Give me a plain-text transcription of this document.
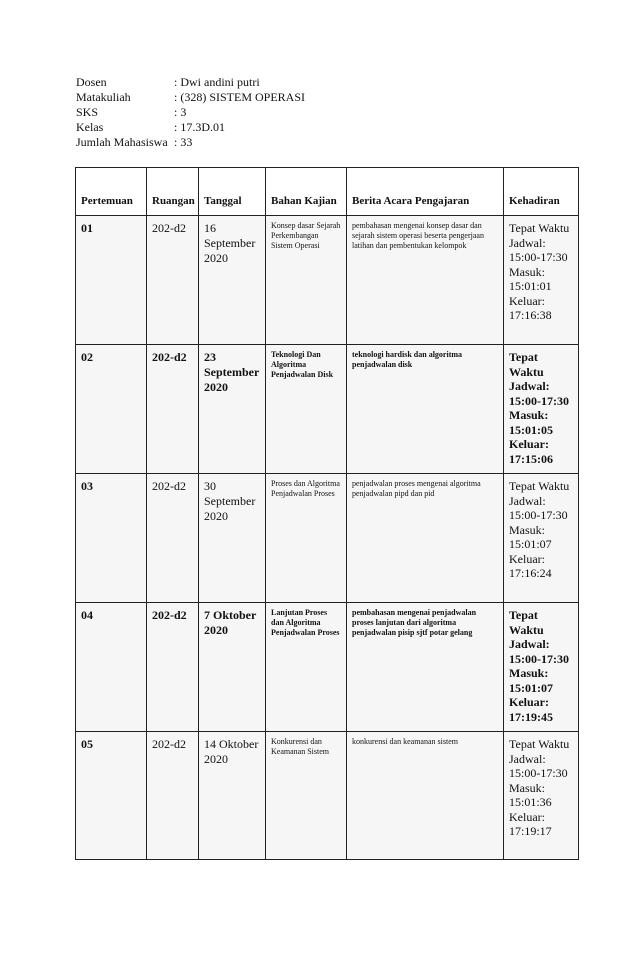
Dosen	: Dwi andini putri
Matakuliah	: (328) SISTEM OPERASI
SKS	: 3
Kelas	: 17.3D.01
Jumlah Mahasiswa : 33
Pertemuan	Ruangan	Tanggal	Bahan Kajian	Berita Acara Pengajaran	Kehadiran
01	202-d2	16 September 2020	Konsep dasar Sejarah Perkembangan Sistem Operasi	pembahasan mengenai konsep dasar dan sejarah sistem operasi beserta pengerjaan latihan dan pembentukan kelompok	Tepat Waktu Jadwal: 15:00-17:30 Masuk: 15:01:01 Keluar: 17:16:38
02	202-d2	23 September 2020	Teknologi Dan Algoritma Penjadwalan Disk	teknologi hardisk dan algoritma penjadwalan disk	Tepat Waktu Jadwal: 15:00-17:30 Masuk: 15:01:05 Keluar: 17:15:06
03	202-d2	30 September 2020	Proses dan Algoritma Penjadwalan Proses	penjadwalan proses mengenai algoritma penjadwalan pipd dan pid	Tepat Waktu Jadwal: 15:00-17:30 Masuk: 15:01:07 Keluar: 17:16:24
04	202-d2	7 Oktober 2020	Lanjutan Proses dan Algoritma Penjadwalan Proses	pembahasan mengenai penjadwalan proses lanjutan dari algoritma penjadwalan pisip sjtf potar gelang	Tepat Waktu Jadwal: 15:00-17:30 Masuk: 15:01:07 Keluar: 17:19:45
05	202-d2	14 Oktober 2020	Konkurensi dan Keamanan Sistem	konkurensi dan keamanan sistem	Tepat Waktu Jadwal: 15:00-17:30 Masuk: 15:01:36 Keluar: 17:19:17
